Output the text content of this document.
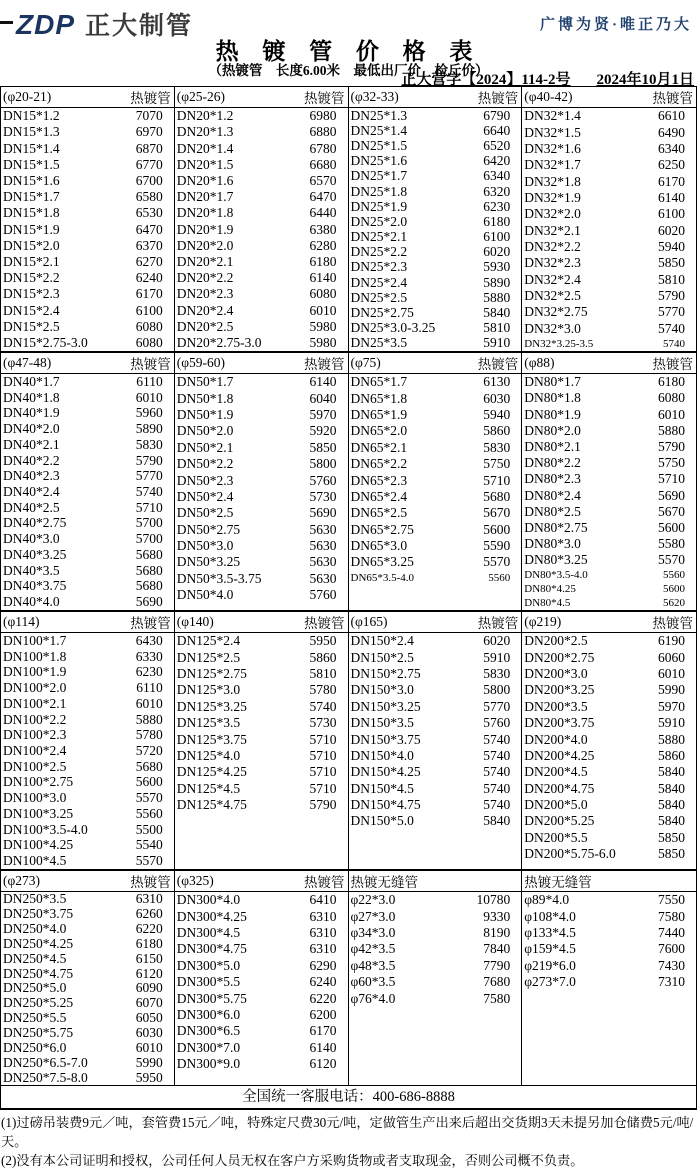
ZDP 正大制管	广博为贤·唯正乃大
热 镀 管 价 格 表
（热镀管　长度6.00米　最低出厂价　检斤价）
正大营字【2024】114-2号 2024年10月1日
(φ20-21)	热镀管
DN15*1.2	7070
DN15*1.3	6970
DN15*1.4	6870
DN15*1.5	6770
DN15*1.6	6700
DN15*1.7	6580
DN15*1.8	6530
DN15*1.9	6470
DN15*2.0	6370
DN15*2.1	6270
DN15*2.2	6240
DN15*2.3	6170
DN15*2.4	6100
DN15*2.5	6080
DN15*2.75-3.0	6080
(φ25-26)	热镀管
DN20*1.2	6980
DN20*1.3	6880
DN20*1.4	6780
DN20*1.5	6680
DN20*1.6	6570
DN20*1.7	6470
DN20*1.8	6440
DN20*1.9	6380
DN20*2.0	6280
DN20*2.1	6180
DN20*2.2	6140
DN20*2.3	6080
DN20*2.4	6010
DN20*2.5	5980
DN20*2.75-3.0	5980
(φ32-33)	热镀管
DN25*1.3	6790
DN25*1.4	6640
DN25*1.5	6520
DN25*1.6	6420
DN25*1.7	6340
DN25*1.8	6320
DN25*1.9	6230
DN25*2.0	6180
DN25*2.1	6100
DN25*2.2	6020
DN25*2.3	5930
DN25*2.4	5890
DN25*2.5	5880
DN25*2.75	5840
DN25*3.0-3.25	5810
DN25*3.5	5910
(φ40-42)	热镀管
DN32*1.4	6610
DN32*1.5	6490
DN32*1.6	6340
DN32*1.7	6250
DN32*1.8	6170
DN32*1.9	6140
DN32*2.0	6100
DN32*2.1	6020
DN32*2.2	5940
DN32*2.3	5850
DN32*2.4	5810
DN32*2.5	5790
DN32*2.75	5770
DN32*3.0	5740
DN32*3.25-3.5	5740
(φ47-48)	热镀管
DN40*1.7	6110
DN40*1.8	6010
DN40*1.9	5960
DN40*2.0	5890
DN40*2.1	5830
DN40*2.2	5790
DN40*2.3	5770
DN40*2.4	5740
DN40*2.5	5710
DN40*2.75	5700
DN40*3.0	5700
DN40*3.25	5680
DN40*3.5	5680
DN40*3.75	5680
DN40*4.0	5690
(φ59-60)	热镀管
DN50*1.7	6140
DN50*1.8	6040
DN50*1.9	5970
DN50*2.0	5920
DN50*2.1	5850
DN50*2.2	5800
DN50*2.3	5760
DN50*2.4	5730
DN50*2.5	5690
DN50*2.75	5630
DN50*3.0	5630
DN50*3.25	5630
DN50*3.5-3.75	5630
DN50*4.0	5760
(φ75)	热镀管
DN65*1.7	6130
DN65*1.8	6030
DN65*1.9	5940
DN65*2.0	5860
DN65*2.1	5830
DN65*2.2	5750
DN65*2.3	5710
DN65*2.4	5680
DN65*2.5	5670
DN65*2.75	5600
DN65*3.0	5590
DN65*3.25	5570
DN65*3.5-4.0	5560
(φ88)	热镀管
DN80*1.7	6180
DN80*1.8	6080
DN80*1.9	6010
DN80*2.0	5880
DN80*2.1	5790
DN80*2.2	5750
DN80*2.3	5710
DN80*2.4	5690
DN80*2.5	5670
DN80*2.75	5600
DN80*3.0	5580
DN80*3.25	5570
DN80*3.5-4.0	5560
DN80*4.25	5600
DN80*4.5	5620
(φ114)	热镀管
DN100*1.7	6430
DN100*1.8	6330
DN100*1.9	6230
DN100*2.0	6110
DN100*2.1	6010
DN100*2.2	5880
DN100*2.3	5780
DN100*2.4	5720
DN100*2.5	5680
DN100*2.75	5600
DN100*3.0	5570
DN100*3.25	5560
DN100*3.5-4.0	5500
DN100*4.25	5540
DN100*4.5	5570
(φ140)	热镀管
DN125*2.4	5950
DN125*2.5	5860
DN125*2.75	5810
DN125*3.0	5780
DN125*3.25	5740
DN125*3.5	5730
DN125*3.75	5710
DN125*4.0	5710
DN125*4.25	5710
DN125*4.5	5710
DN125*4.75	5790
(φ165)	热镀管
DN150*2.4	6020
DN150*2.5	5910
DN150*2.75	5830
DN150*3.0	5800
DN150*3.25	5770
DN150*3.5	5760
DN150*3.75	5740
DN150*4.0	5740
DN150*4.25	5740
DN150*4.5	5740
DN150*4.75	5740
DN150*5.0	5840
(φ219)	热镀管
DN200*2.5	6190
DN200*2.75	6060
DN200*3.0	6010
DN200*3.25	5990
DN200*3.5	5970
DN200*3.75	5910
DN200*4.0	5880
DN200*4.25	5860
DN200*4.5	5840
DN200*4.75	5840
DN200*5.0	5840
DN200*5.25	5840
DN200*5.5	5850
DN200*5.75-6.0	5850
(φ273)	热镀管
DN250*3.5	6310
DN250*3.75	6260
DN250*4.0	6220
DN250*4.25	6180
DN250*4.5	6150
DN250*4.75	6120
DN250*5.0	6090
DN250*5.25	6070
DN250*5.5	6050
DN250*5.75	6030
DN250*6.0	6010
DN250*6.5-7.0	5990
DN250*7.5-8.0	5950
(φ325)	热镀管
DN300*4.0	6410
DN300*4.25	6310
DN300*4.5	6310
DN300*4.75	6310
DN300*5.0	6290
DN300*5.5	6240
DN300*5.75	6220
DN300*6.0	6200
DN300*6.5	6170
DN300*7.0	6140
DN300*9.0	6120
热镀无缝管
φ22*3.0	10780
φ27*3.0	9330
φ34*3.0	8190
φ42*3.5	7840
φ48*3.5	7790
φ60*3.5	7680
φ76*4.0	7580
热镀无缝管
φ89*4.0	7550
φ108*4.0	7580
φ133*4.5	7440
φ159*4.5	7600
φ219*6.0	7430
φ273*7.0	7310
全国统一客服电话：400-686-8888
(1)过磅吊装费9元／吨，套管费15元／吨，特殊定尺费30元/吨，定做管生产出来后超出交货期3天未提另加仓储费5元/吨/天。
(2)没有本公司证明和授权，公司任何人员无权在客户方采购货物或者支取现金，否则公司概不负责。
